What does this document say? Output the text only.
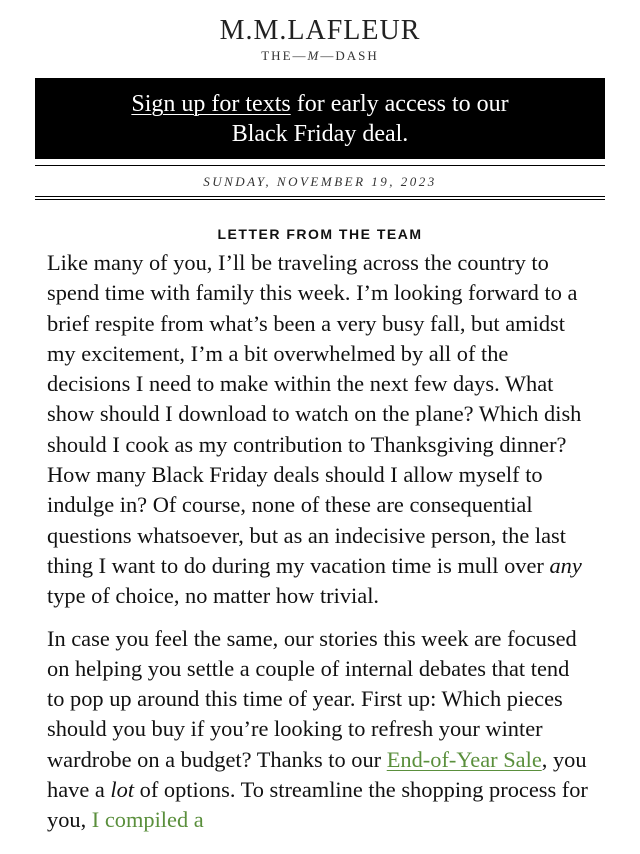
M.M.LAFLEUR
THE—M—DASH
Sign up for texts for early access to our
Black Friday deal.
SUNDAY, NOVEMBER 19, 2023
LETTER FROM THE TEAM

Like many of you, I’ll be traveling across the country to spend time with family this week. I’m looking forward to a brief respite from what’s been a very busy fall, but amidst my excitement, I’m a bit overwhelmed by all of the decisions I need to make within the next few days. What show should I download to watch on the plane? Which dish should I cook as my contribution to Thanksgiving dinner? How many Black Friday deals should I allow myself to indulge in? Of course, none of these are consequential questions whatsoever, but as an indecisive person, the last thing I want to do during my vacation time is mull over any type of choice, no matter how trivial.

In case you feel the same, our stories this week are focused on helping you settle a couple of internal debates that tend to pop up around this time of year. First up: Which pieces should you buy if you’re looking to refresh your winter wardrobe on a budget? Thanks to our End-of-Year Sale, you have a lot of options. To streamline the shopping process for you, I compiled a
